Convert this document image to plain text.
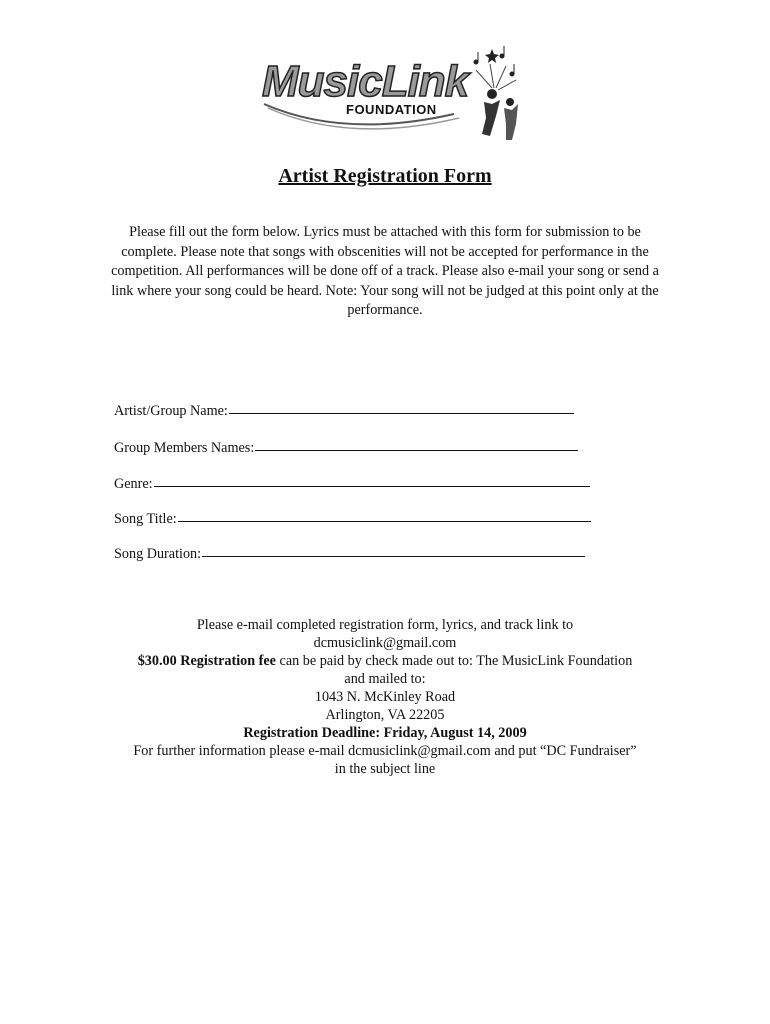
MusicLink
FOUNDATION
Artist Registration Form

Please fill out the form below. Lyrics must be attached with this form for submission to be complete. Please note that songs with obscenities will not be accepted for performance in the competition. All performances will be done off of a track. Please also e-mail your song or send a link where your song could be heard. Note: Your song will not be judged at this point only at the performance.

Artist/Group Name:
Group Members Names:
Genre:
Song Title:
Song Duration:
Please e-mail completed registration form, lyrics, and track link to
dcmusiclink@gmail.com
$30.00 Registration fee can be paid by check made out to: The MusicLink Foundation
and mailed to:
1043 N. McKinley Road
Arlington, VA 22205
Registration Deadline: Friday, August 14, 2009
For further information please e-mail dcmusiclink@gmail.com and put “DC Fundraiser”
in the subject line
